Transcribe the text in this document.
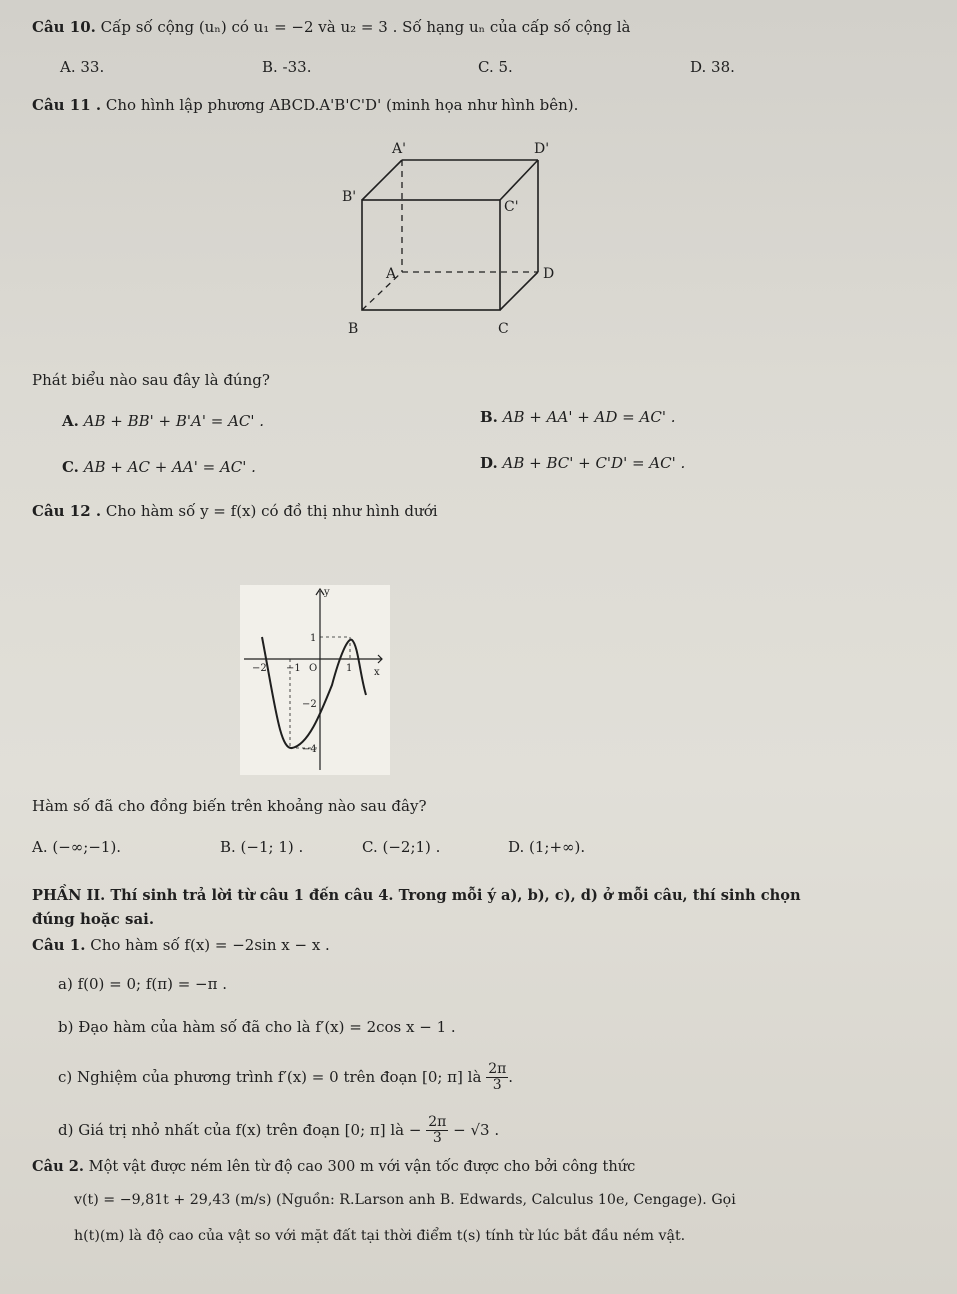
Câu 10. Cấp số cộng (uₙ) có u₁ = −2 và u₂ = 3 . Số hạng uₙ của cấp số cộng là
A. 33.	B. -33.	C. 5.	D. 38.
Câu 11 . Cho hình lập phương ABCD.A'B'C'D' (minh họa như hình bên).
A'	D'
B'
C'
A	D
B	C
Phát biểu nào sau đây là đúng?
A. AB + BB' + B'A' = AC' .	B. AB + AA' + AD = AC' .
C. AB + AC + AA' = AC' .	D. AB + BC' + C'D' = AC' .
Câu 12 . Cho hàm số y = f(x) có đồ thị như hình dưới
y
x
O
1
−2 −1	1
−2
−4
Hàm số đã cho đồng biến trên khoảng nào sau đây?
A. (−∞;−1).	B. (−1; 1) .	C. (−2;1) .	D. (1;+∞).
PHẦN II. Thí sinh trả lời từ câu 1 đến câu 4. Trong mỗi ý a), b), c), d) ở mỗi câu, thí sinh chọn
đúng hoặc sai.
Câu 1. Cho hàm số f(x) = −2sin x − x .
a) f(0) = 0; f(π) = −π .
b) Đạo hàm của hàm số đã cho là f′(x) = 2cos x − 1 .
c) Nghiệm của phương trình f′(x) = 0 trên đoạn [0; π] là $\frac{2\pi}{3}$ .
d) Giá trị nhỏ nhất của f(x) trên đoạn [0; π] là − $\frac{2\pi}{3} - √3$ .
Câu 2. Một vật được ném lên từ độ cao 300 m với vận tốc được cho bởi công thức
v(t) = −9,81t + 29,43 (m/s) (Nguồn: R.Larson anh B. Edwards, Calculus 10e, Cengage). Gọi
h(t)(m) là độ cao của vật so với mặt đất tại thời điểm t(s) tính từ lúc bắt đầu ném vật.
